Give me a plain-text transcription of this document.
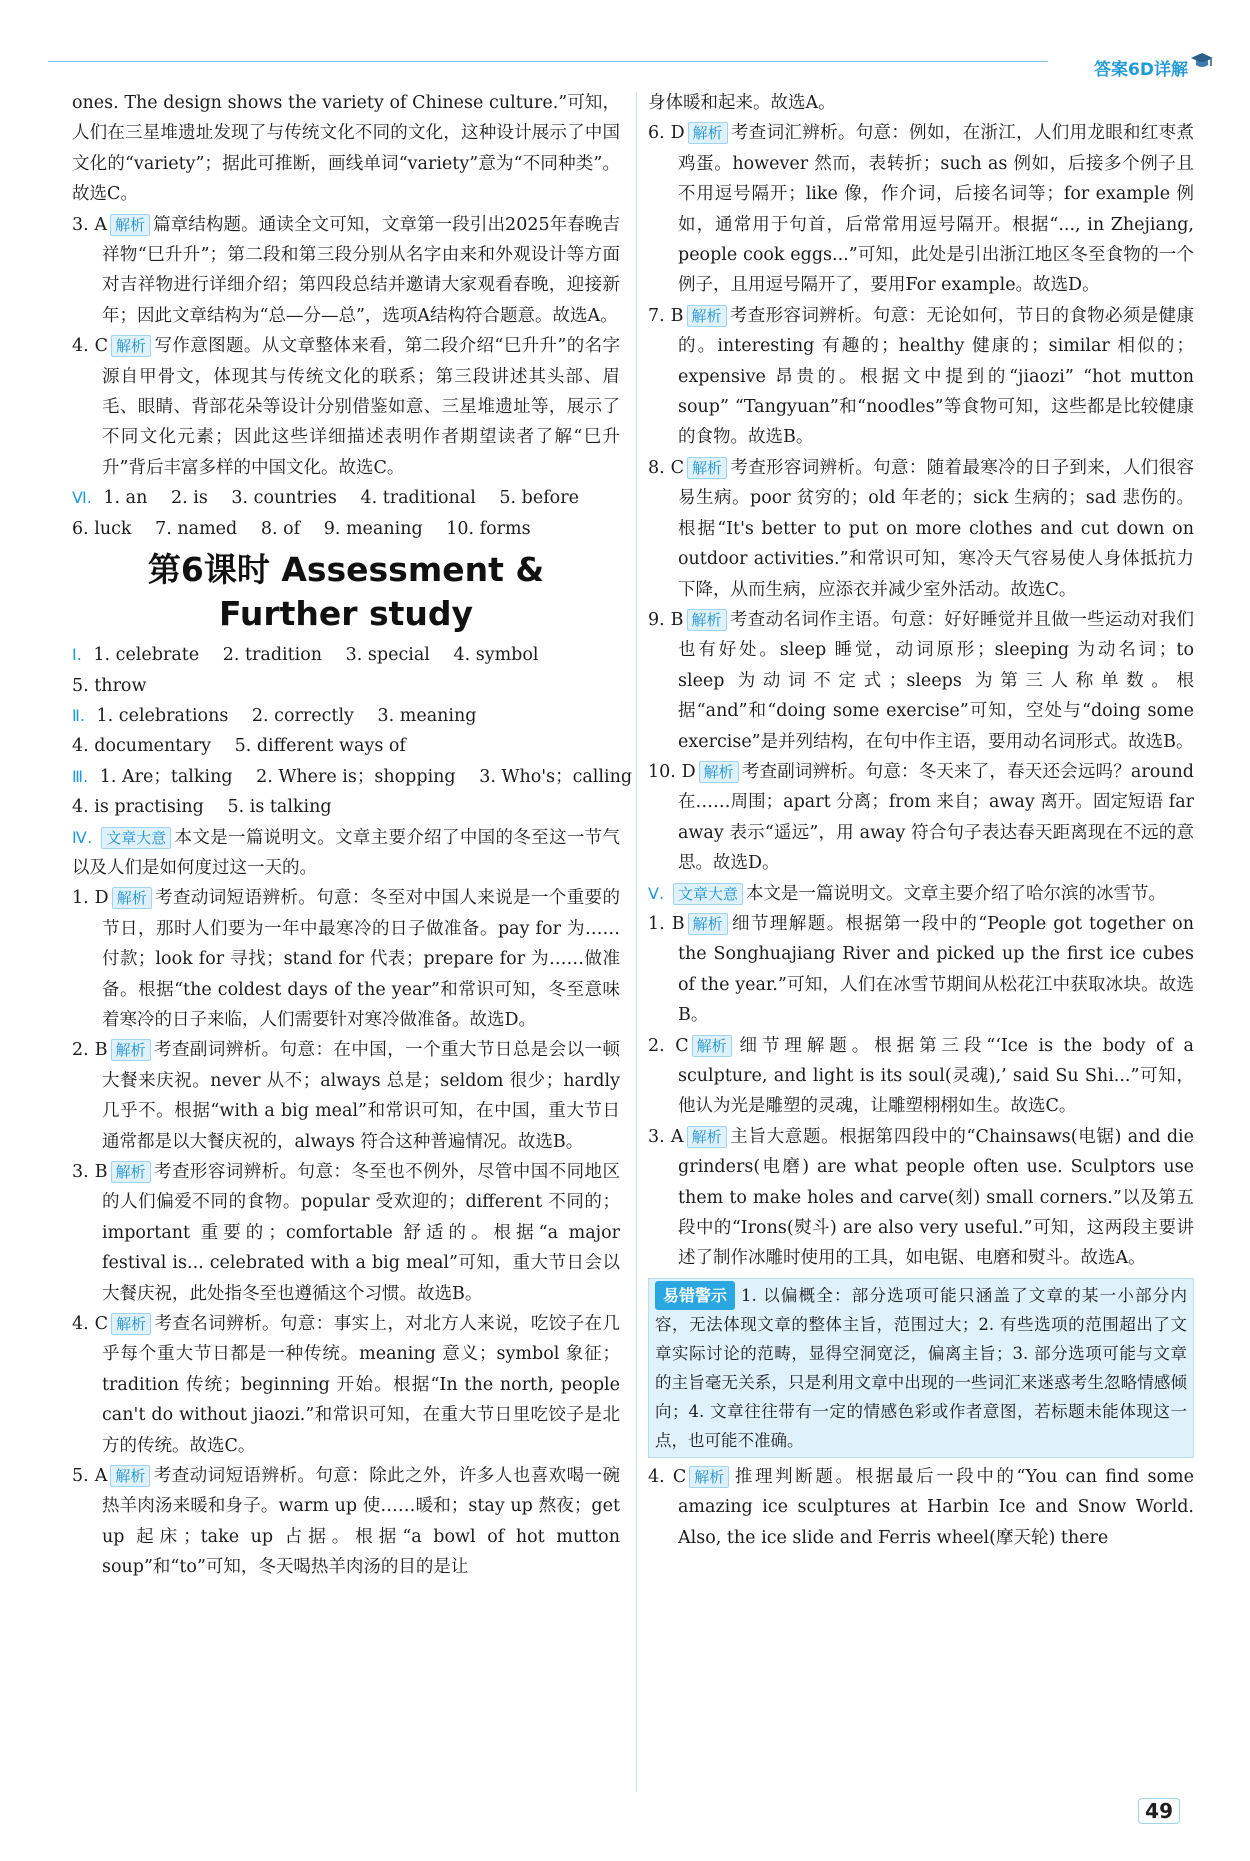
答案6D详解

ones. The design shows the variety of Chinese culture.”可知，人们在三星堆遗址发现了与传统文化不同的文化，这种设计展示了中国文化的“variety”；据此可推断，画线单词“variety”意为“不同种类”。故选C。

3. A 解析 篇章结构题。通读全文可知，文章第一段引出2025年春晚吉祥物“巳升升”；第二段和第三段分别从名字由来和外观设计等方面对吉祥物进行详细介绍；第四段总结并邀请大家观看春晚，迎接新年；因此文章结构为“总—分—总”，选项A结构符合题意。故选A。

4. C 解析 写作意图题。从文章整体来看，第二段介绍“巳升升”的名字源自甲骨文，体现其与传统文化的联系；第三段讲述其头部、眉毛、眼睛、背部花朵等设计分别借鉴如意、三星堆遗址等，展示了不同文化元素；因此这些详细描述表明作者期望读者了解“巳升升”背后丰富多样的中国文化。故选C。

Ⅵ. 1. an 2. is 3. countries 4. traditional 5. before

6. luck 7. named 8. of 9. meaning 10. forms

第6课时 Assessment &
Further study

Ⅰ. 1. celebrate 2. tradition 3. special 4. symbol

5. throw

Ⅱ. 1. celebrations 2. correctly 3. meaning

4. documentary 5. different ways of

Ⅲ. 1. Are；talking 2. Where is；shopping 3. Who's；calling

4. is practising 5. is talking

Ⅳ. 文章大意 本文是一篇说明文。文章主要介绍了中国的冬至这一节气以及人们是如何度过这一天的。

1. D 解析 考查动词短语辨析。句意：冬至对中国人来说是一个重要的节日，那时人们要为一年中最寒冷的日子做准备。pay for 为……付款；look for 寻找；stand for 代表；prepare for 为……做准备。根据“the coldest days of the year”和常识可知，冬至意味着寒冷的日子来临，人们需要针对寒冷做准备。故选D。

2. B 解析 考查副词辨析。句意：在中国，一个重大节日总是会以一顿大餐来庆祝。never 从不；always 总是；seldom 很少；hardly 几乎不。根据“with a big meal”和常识可知，在中国，重大节日通常都是以大餐庆祝的，always 符合这种普遍情况。故选B。

3. B 解析 考查形容词辨析。句意：冬至也不例外，尽管中国不同地区的人们偏爱不同的食物。popular 受欢迎的；different 不同的；important 重要的；comfortable 舒适的。根据“a major festival is... celebrated with a big meal”可知，重大节日会以大餐庆祝，此处指冬至也遵循这个习惯。故选B。

4. C 解析 考查名词辨析。句意：事实上，对北方人来说，吃饺子在几乎每个重大节日都是一种传统。meaning 意义；symbol 象征；tradition 传统；beginning 开始。根据“In the north, people can't do without jiaozi.”和常识可知，在重大节日里吃饺子是北方的传统。故选C。

5. A 解析 考查动词短语辨析。句意：除此之外，许多人也喜欢喝一碗热羊肉汤来暖和身子。warm up 使……暖和；stay up 熬夜；get up 起床；take up 占据。根据“a bowl of hot mutton soup”和“to”可知，冬天喝热羊肉汤的目的是让

身体暖和起来。故选A。

6. D 解析 考查词汇辨析。句意：例如，在浙江，人们用龙眼和红枣煮鸡蛋。however 然而，表转折；such as 例如，后接多个例子且不用逗号隔开；like 像，作介词，后接名词等；for example 例如，通常用于句首，后常常用逗号隔开。根据“..., in Zhejiang, people cook eggs...”可知，此处是引出浙江地区冬至食物的一个例子，且用逗号隔开了，要用For example。故选D。

7. B 解析 考查形容词辨析。句意：无论如何，节日的食物必须是健康的。interesting 有趣的；healthy 健康的；similar 相似的；expensive 昂贵的。根据文中提到的“jiaozi” “hot mutton soup” “Tangyuan”和“noodles”等食物可知，这些都是比较健康的食物。故选B。

8. C 解析 考查形容词辨析。句意：随着最寒冷的日子到来，人们很容易生病。poor 贫穷的；old 年老的；sick 生病的；sad 悲伤的。根据“It's better to put on more clothes and cut down on outdoor activities.”和常识可知，寒冷天气容易使人身体抵抗力下降，从而生病，应添衣并减少室外活动。故选C。

9. B 解析 考查动名词作主语。句意：好好睡觉并且做一些运动对我们也有好处。sleep 睡觉，动词原形；sleeping 为动名词；to sleep 为动词不定式；sleeps 为第三人称单数。根据“and”和“doing some exercise”可知，空处与“doing some exercise”是并列结构，在句中作主语，要用动名词形式。故选B。

10. D 解析 考查副词辨析。句意：冬天来了，春天还会远吗？around 在……周围；apart 分离；from 来自；away 离开。固定短语 far away 表示“遥远”，用 away 符合句子表达春天距离现在不远的意思。故选D。

Ⅴ. 文章大意 本文是一篇说明文。文章主要介绍了哈尔滨的冰雪节。

1. B 解析 细节理解题。根据第一段中的“People got together on the Songhuajiang River and picked up the first ice cubes of the year.”可知，人们在冰雪节期间从松花江中获取冰块。故选B。

2. C 解析 细节理解题。根据第三段“‘Ice is the body of a sculpture, and light is its soul(灵魂),’ said Su Shi...”可知，他认为光是雕塑的灵魂，让雕塑栩栩如生。故选C。

3. A 解析 主旨大意题。根据第四段中的“Chainsaws(电锯) and die grinders(电磨) are what people often use. Sculptors use them to make holes and carve(刻) small corners.”以及第五段中的“Irons(熨斗) are also very useful.”可知，这两段主要讲述了制作冰雕时使用的工具，如电锯、电磨和熨斗。故选A。

易错警示 1. 以偏概全：部分选项可能只涵盖了文章的某一小部分内容，无法体现文章的整体主旨，范围过大；2. 有些选项的范围超出了文章实际讨论的范畴，显得空洞宽泛，偏离主旨；3. 部分选项可能与文章的主旨毫无关系，只是利用文章中出现的一些词汇来迷惑考生忽略情感倾向；4. 文章往往带有一定的情感色彩或作者意图，若标题未能体现这一点，也可能不准确。

4. C 解析 推理判断题。根据最后一段中的“You can find some amazing ice sculptures at Harbin Ice and Snow World. Also, the ice slide and Ferris wheel(摩天轮) there

49
